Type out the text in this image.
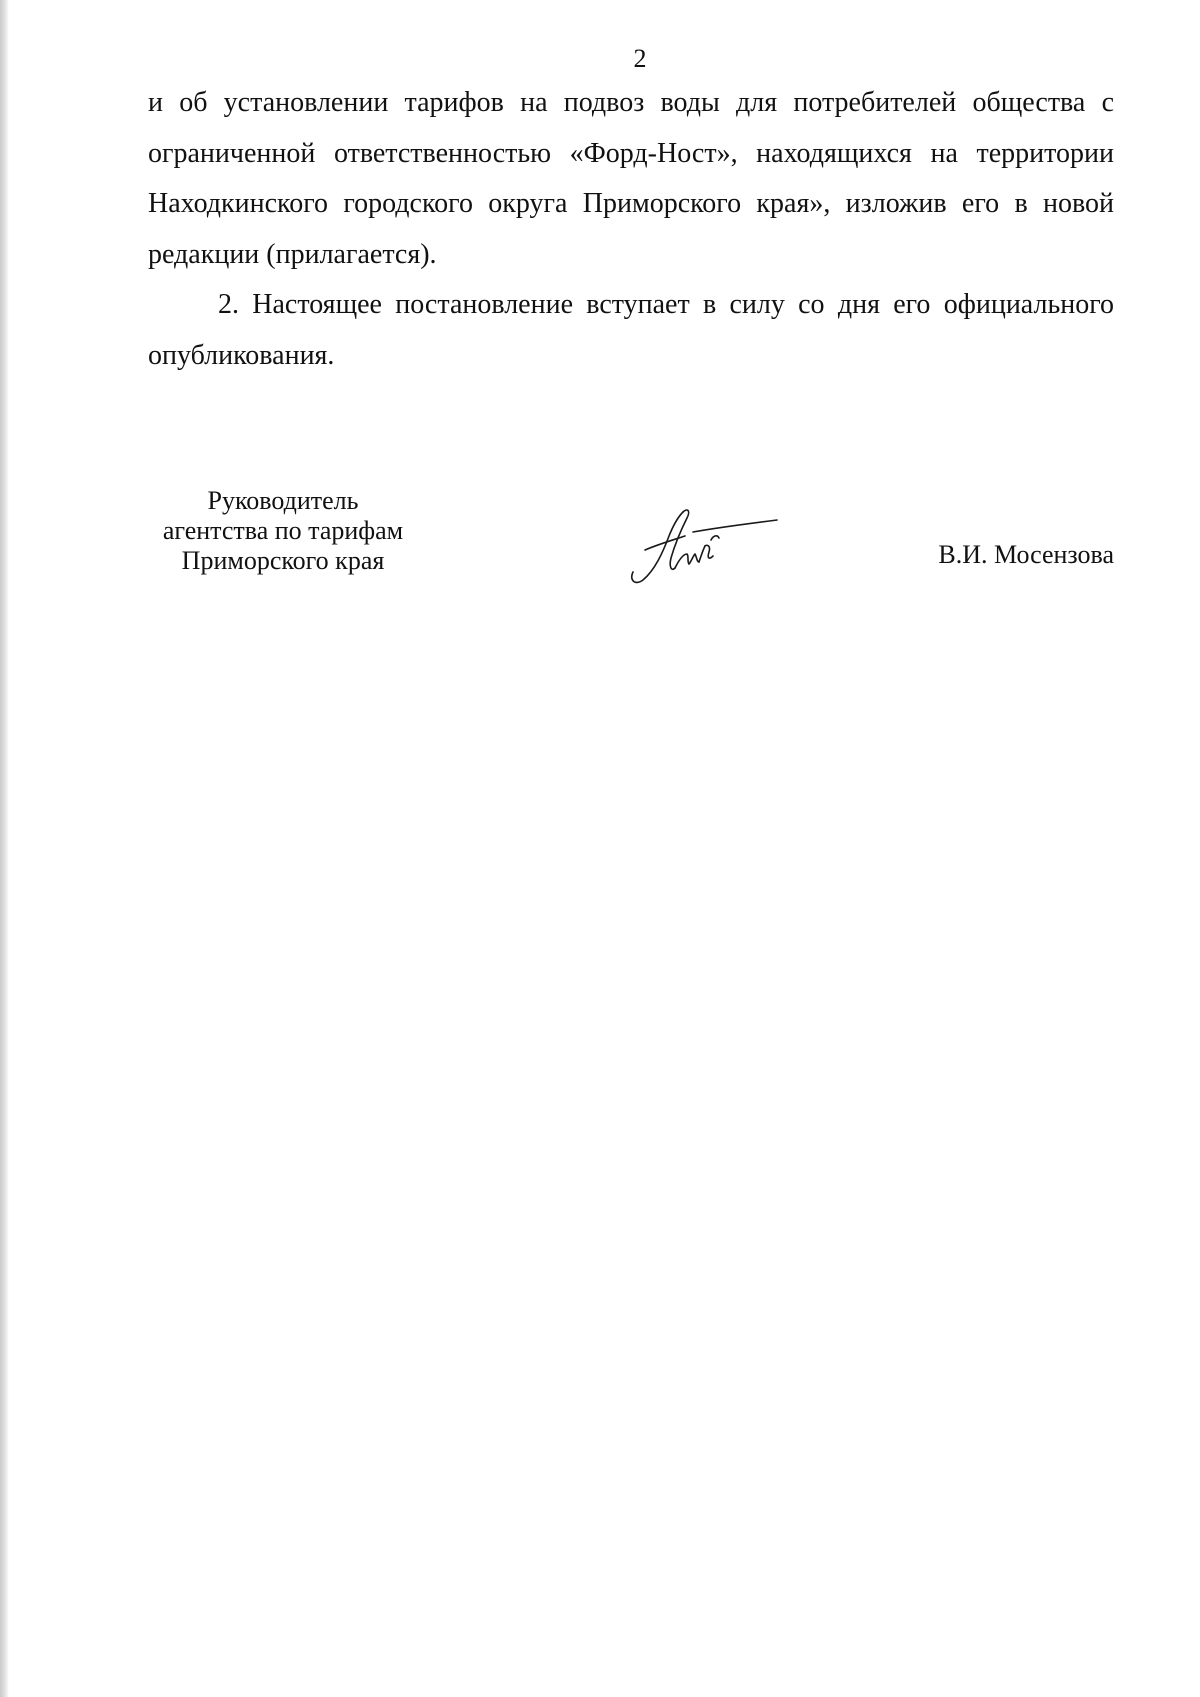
2

и об установлении тарифов на подвоз воды для потребителей общества с ограниченной ответственностью «Форд-Ност», находящихся на территории Находкинского городского округа Приморского края», изложив его в новой редакции (прилагается).

2. Настоящее постановление вступает в силу со дня его официального опубликования.

Руководитель
агентства по тарифам
Приморского края	В.И. Мосензова
